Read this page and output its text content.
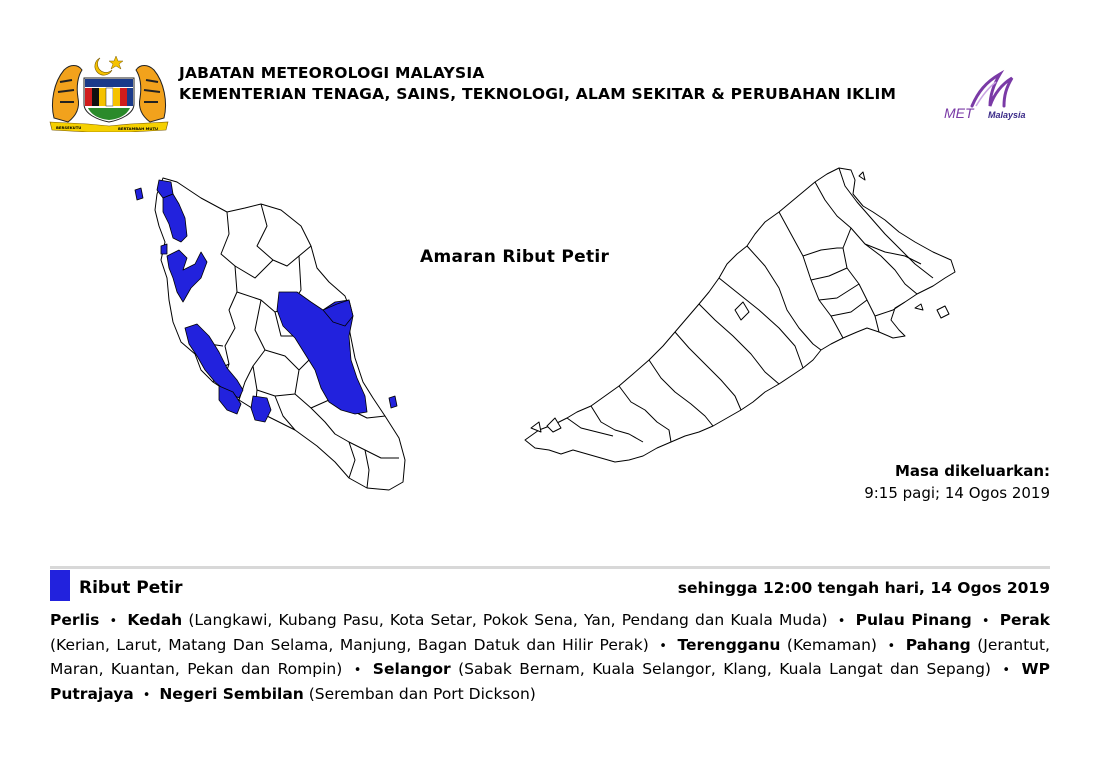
BERSEKUTU	BERTAMBAH MUTU
JABATAN METEOROLOGI MALAYSIA
KEMENTERIAN TENAGA, SAINS, TEKNOLOGI, ALAM SEKITAR & PERUBAHAN IKLIM
MET Malaysia
Amaran Ribut Petir
Masa dikeluarkan:
9:15 pagi; 14 Ogos 2019
Ribut Petir	sehingga 12:00 tengah hari, 14 Ogos 2019
Perlis • Kedah (Langkawi, Kubang Pasu, Kota Setar, Pokok Sena, Yan, Pendang dan Kuala Muda) • Pulau Pinang • Perak (Kerian, Larut, Matang Dan Selama, Manjung, Bagan Datuk dan Hilir Perak) • Terengganu (Kemaman) • Pahang (Jerantut, Maran, Kuantan, Pekan dan Rompin) • Selangor (Sabak Bernam, Kuala Selangor, Klang, Kuala Langat dan Sepang) • WP Putrajaya • Negeri Sembilan (Seremban dan Port Dickson)
